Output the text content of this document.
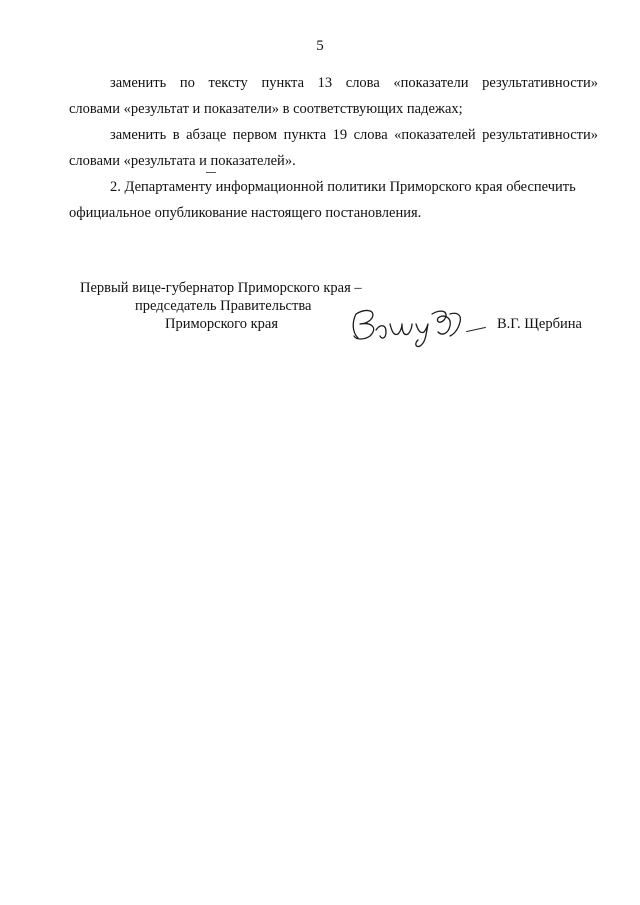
5
заменить по тексту пункта 13 слова «показатели результативности»
словами «результат и показатели» в соответствующих падежах;
заменить в абзаце первом пункта 19 слова «показателей результативности»
словами «результата и показателей».
2. Департаменту информационной политики Приморского края обеспечить
официальное опубликование настоящего постановления.
Первый вице-губернатор Приморского края –
председатель Правительства
Приморского края	В.Г. Щербина
